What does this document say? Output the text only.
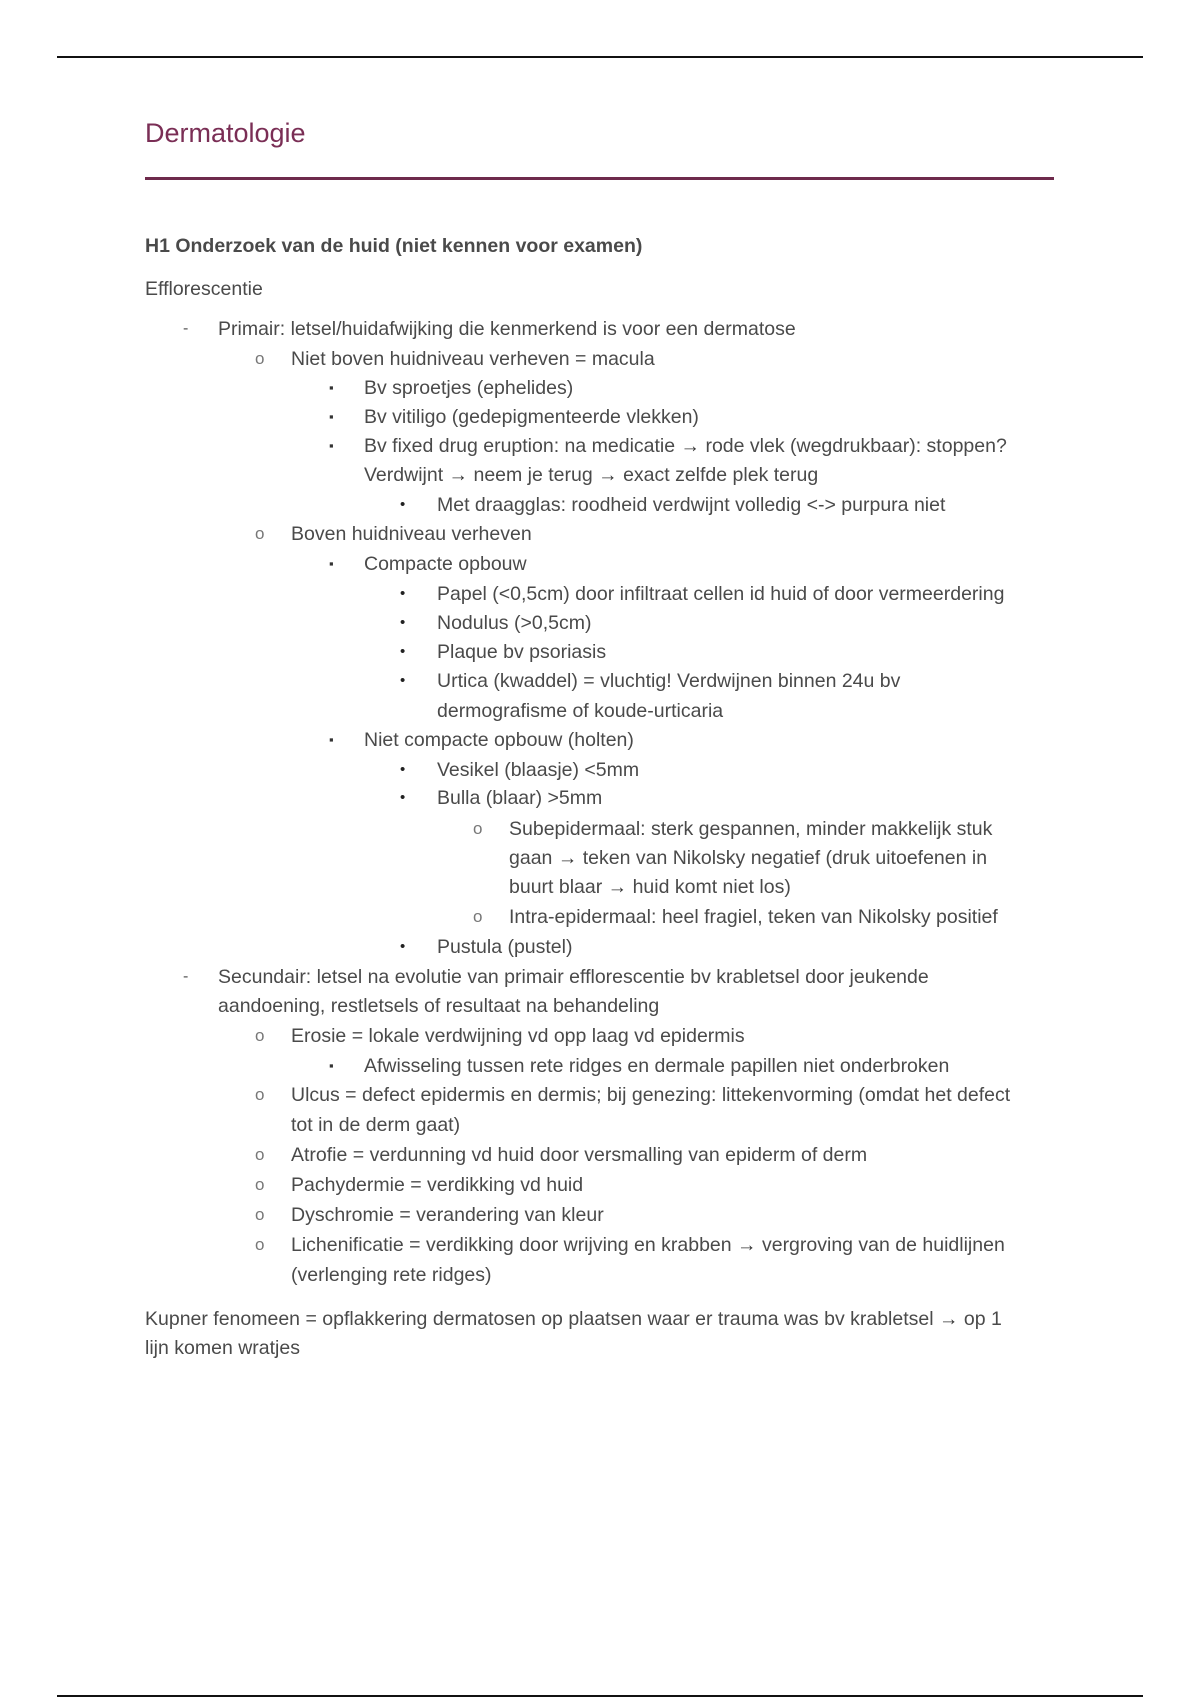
Dermatologie
H1 Onderzoek van de huid (niet kennen voor examen)
Efflorescentie
- Primair: letsel/huidafwijking die kenmerkend is voor een dermatose
o Niet boven huidniveau verheven = macula
▪ Bv sproetjes (ephelides)
▪ Bv vitiligo (gedepigmenteerde vlekken)
▪ Bv fixed drug eruption: na medicatie → rode vlek (wegdrukbaar): stoppen?
Verdwijnt → neem je terug → exact zelfde plek terug
• Met draagglas: roodheid verdwijnt volledig <-> purpura niet
o Boven huidniveau verheven
▪ Compacte opbouw
• Papel (<0,5cm) door infiltraat cellen id huid of door vermeerdering
• Nodulus (>0,5cm)
• Plaque bv psoriasis
• Urtica (kwaddel) = vluchtig! Verdwijnen binnen 24u bv
dermografisme of koude-urticaria
▪ Niet compacte opbouw (holten)
• Vesikel (blaasje) <5mm
• Bulla (blaar) >5mm
o Subepidermaal: sterk gespannen, minder makkelijk stuk
gaan → teken van Nikolsky negatief (druk uitoefenen in
buurt blaar → huid komt niet los)
o Intra-epidermaal: heel fragiel, teken van Nikolsky positief
• Pustula (pustel)
- Secundair: letsel na evolutie van primair efflorescentie bv krabletsel door jeukende
aandoening, restletsels of resultaat na behandeling
o Erosie = lokale verdwijning vd opp laag vd epidermis
▪ Afwisseling tussen rete ridges en dermale papillen niet onderbroken
o Ulcus = defect epidermis en dermis; bij genezing: littekenvorming (omdat het defect
tot in de derm gaat)
o Atrofie = verdunning vd huid door versmalling van epiderm of derm
o Pachydermie = verdikking vd huid
o Dyschromie = verandering van kleur
o Lichenificatie = verdikking door wrijving en krabben → vergroving van de huidlijnen
(verlenging rete ridges)
Kupner fenomeen = opflakkering dermatosen op plaatsen waar er trauma was bv krabletsel → op 1
lijn komen wratjes
